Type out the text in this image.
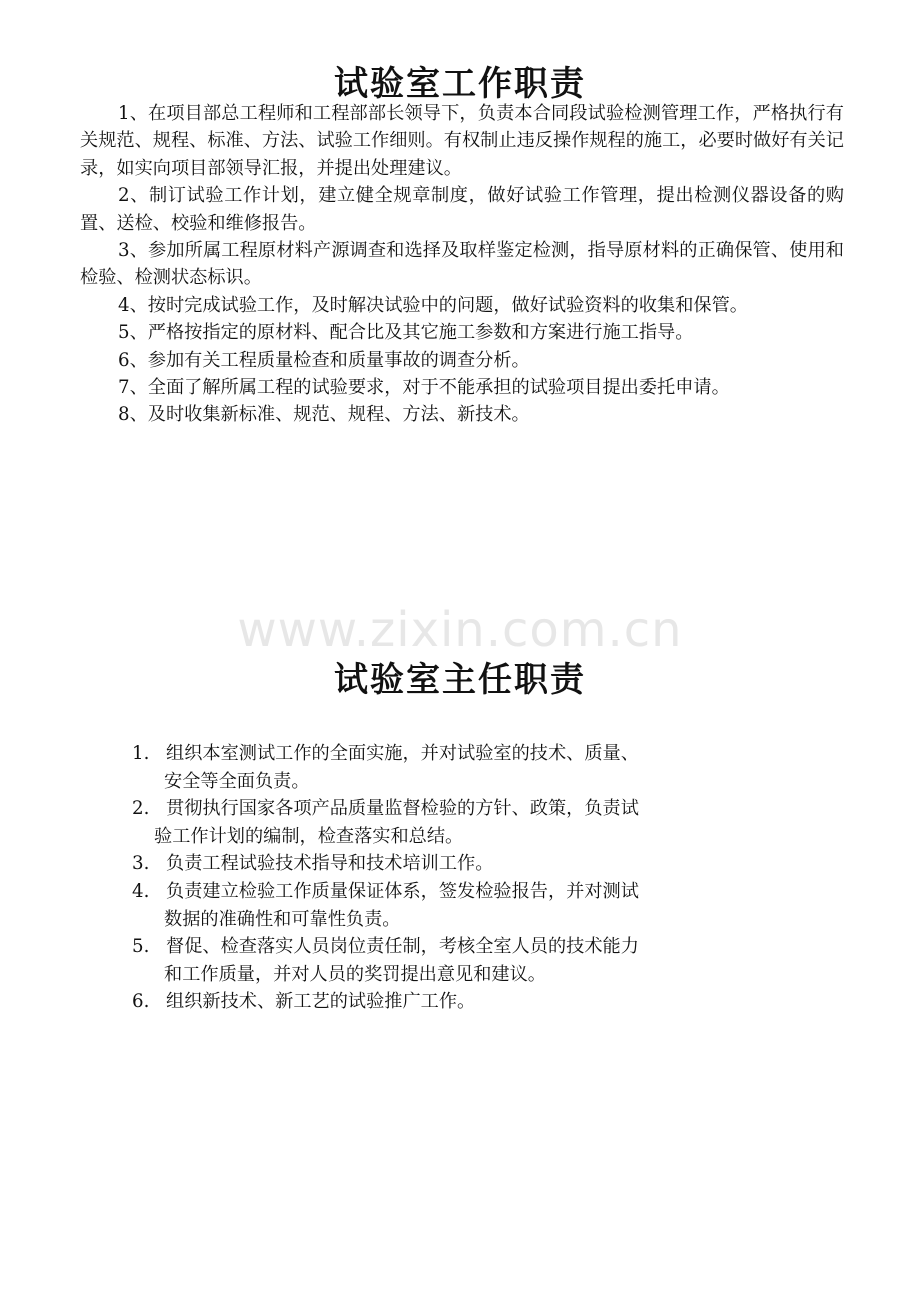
试验室工作职责

1、在项目部总工程师和工程部部长领导下，负责本合同段试验检测管理工作，严格执行有关规范、规程、标准、方法、试验工作细则。有权制止违反操作规程的施工，必要时做好有关记录，如实向项目部领导汇报，并提出处理建议。

2、制订试验工作计划，建立健全规章制度，做好试验工作管理，提出检测仪器设备的购置、送检、校验和维修报告。

3、参加所属工程原材料产源调查和选择及取样鉴定检测，指导原材料的正确保管、使用和检验、检测状态标识。

4、按时完成试验工作，及时解决试验中的问题，做好试验资料的收集和保管。

5、严格按指定的原材料、配合比及其它施工参数和方案进行施工指导。

6、参加有关工程质量检查和质量事故的调查分析。

7、全面了解所属工程的试验要求，对于不能承担的试验项目提出委托申请。

8、及时收集新标准、规范、规程、方法、新技术。

www.zixin.com.cn
试验室主任职责
1. 组织本室测试工作的全面实施，并对试验室的技术、质量、
安全等全面负责。
2. 贯彻执行国家各项产品质量监督检验的方针、政策，负责试
验工作计划的编制，检查落实和总结。
3. 负责工程试验技术指导和技术培训工作。
4. 负责建立检验工作质量保证体系，签发检验报告，并对测试
数据的准确性和可靠性负责。
5. 督促、检查落实人员岗位责任制，考核全室人员的技术能力
和工作质量，并对人员的奖罚提出意见和建议。
6. 组织新技术、新工艺的试验推广工作。
